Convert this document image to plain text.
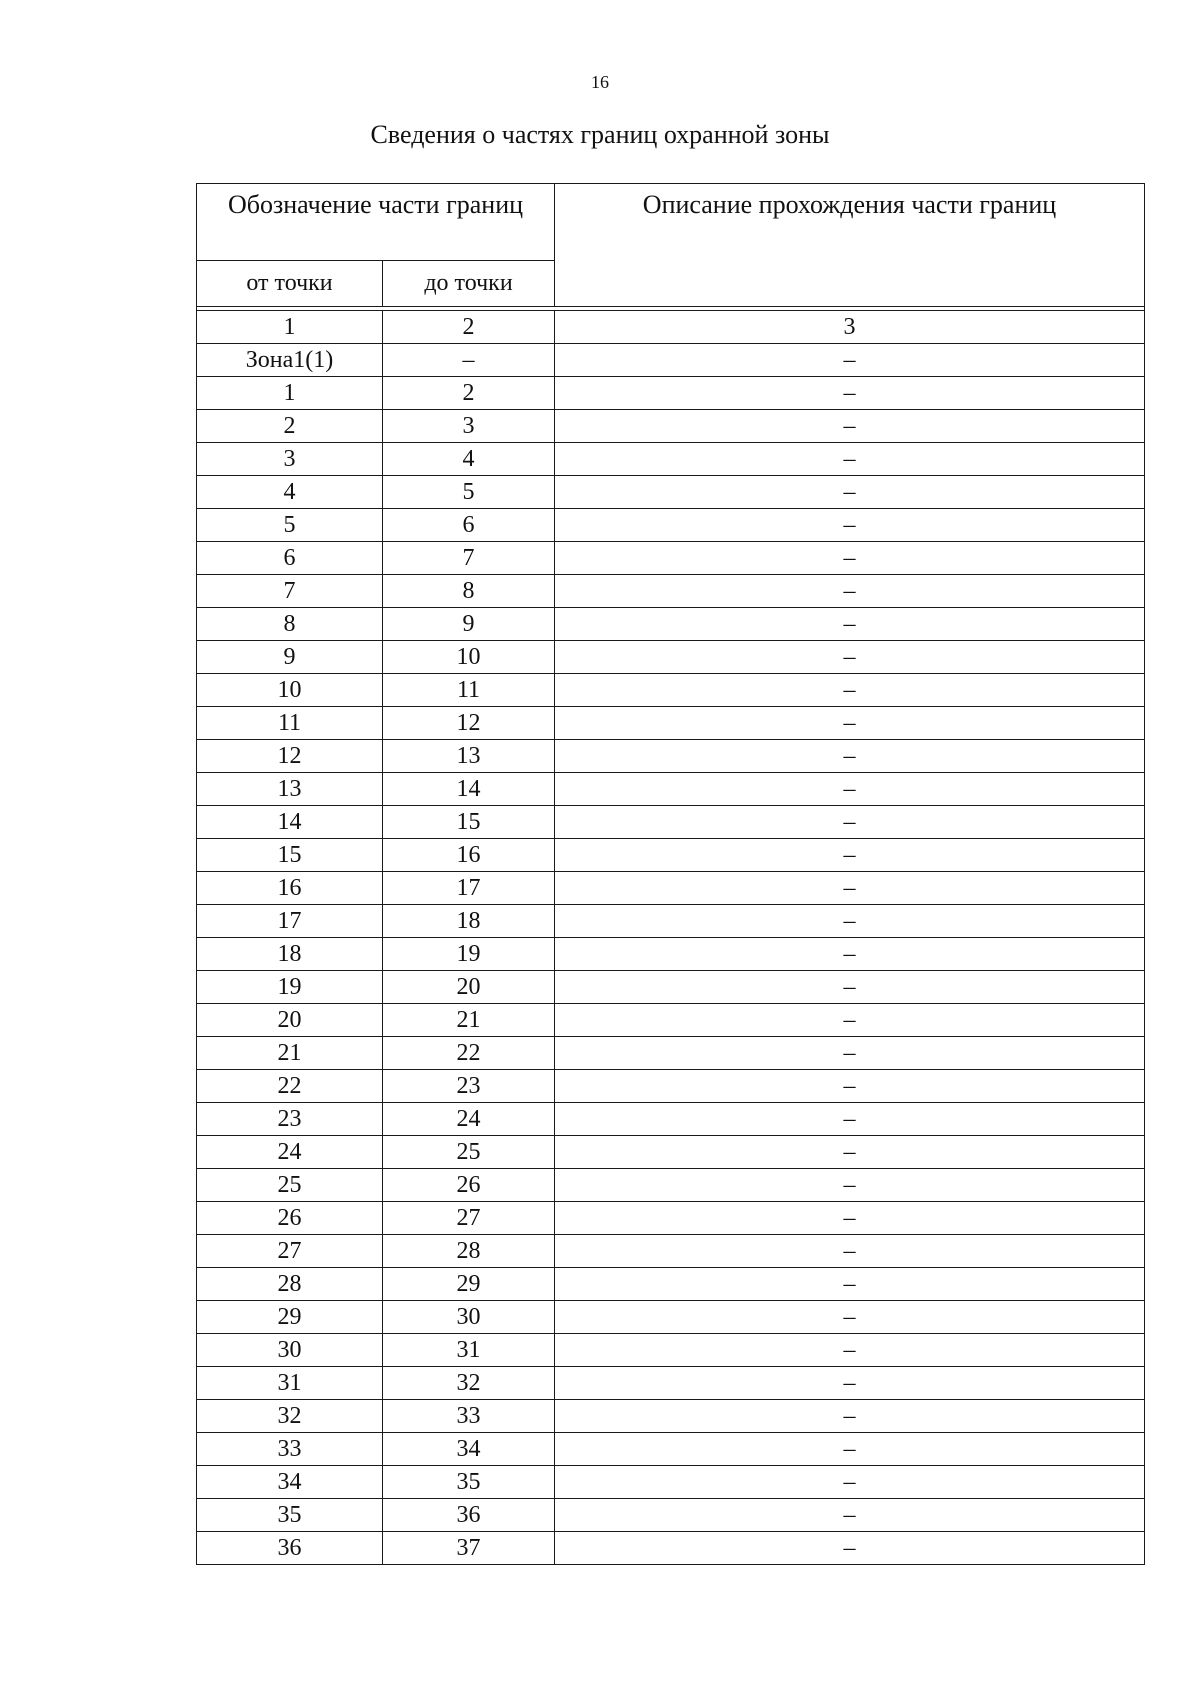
16
Сведения о частях границ охранной зоны
Обозначение части границ		Описание прохождения части границ
от точки	до точки	

1	2	3
Зона1(1)	–	–
1	2	–
2	3	–
3	4	–
4	5	–
5	6	–
6	7	–
7	8	–
8	9	–
9	10	–
10	11	–
11	12	–
12	13	–
13	14	–
14	15	–
15	16	–
16	17	–
17	18	–
18	19	–
19	20	–
20	21	–
21	22	–
22	23	–
23	24	–
24	25	–
25	26	–
26	27	–
27	28	–
28	29	–
29	30	–
30	31	–
31	32	–
32	33	–
33	34	–
34	35	–
35	36	–
36	37	–
